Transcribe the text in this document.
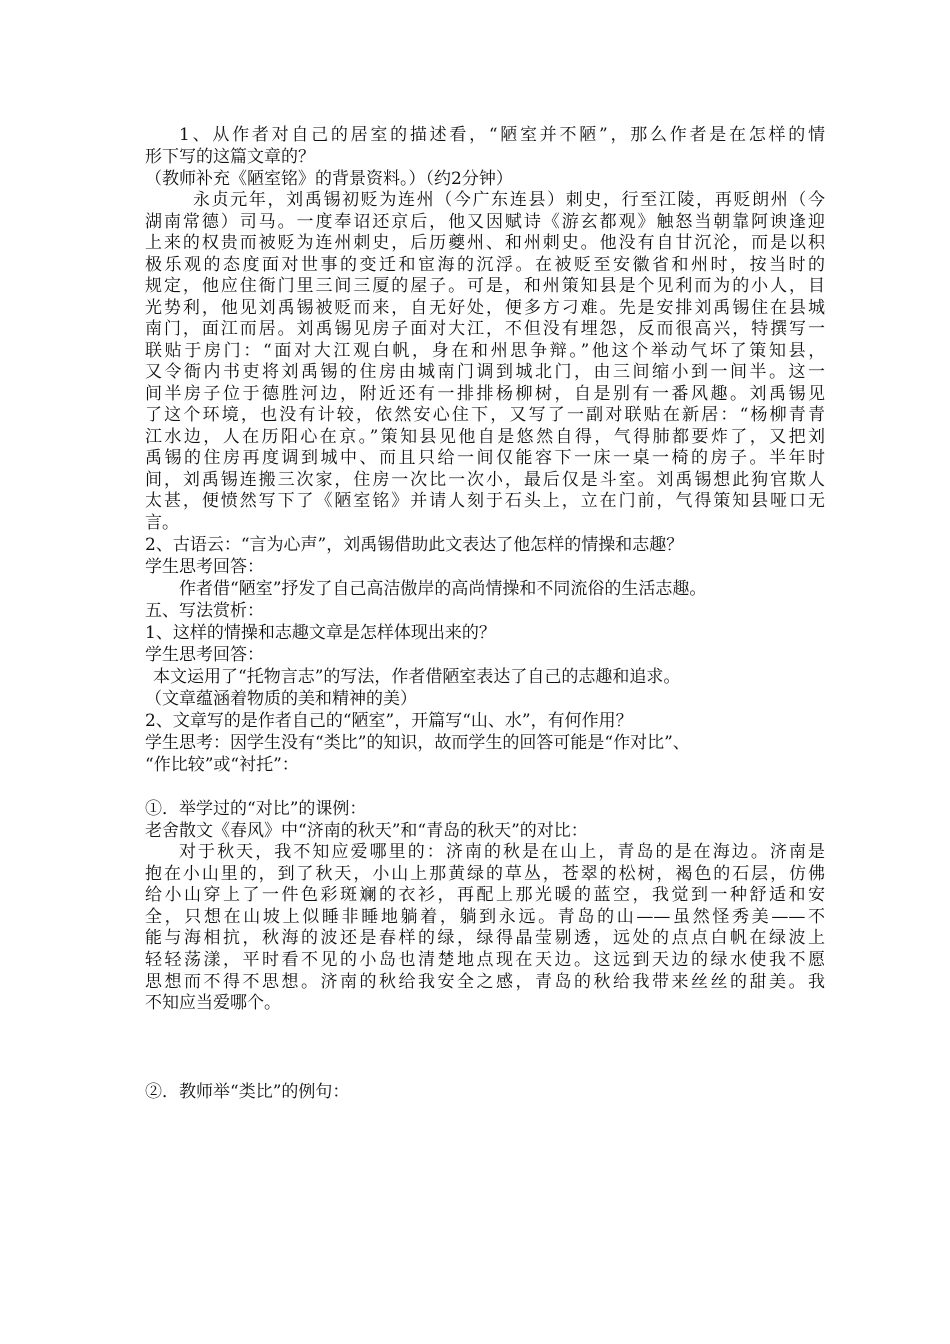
1、从作者对自己的居室的描述看，“陋室并不陋”，那么作者是在怎样的情

形下写的这篇文章的？

（教师补充《陋室铭》的背景资料。）（约2分钟）

永贞元年，刘禹锡初贬为连州（今广东连县）刺史，行至江陵，再贬朗州（今

湖南常德）司马。一度奉诏还京后，他又因赋诗《游玄都观》触怒当朝靠阿谀逢迎

上来的权贵而被贬为连州刺史，后历夔州、和州刺史。他没有自甘沉沦，而是以积

极乐观的态度面对世事的变迁和宦海的沉浮。在被贬至安徽省和州时，按当时的

规定，他应住衙门里三间三厦的屋子。可是，和州策知县是个见利而为的小人，目

光势利，他见刘禹锡被贬而来，自无好处，便多方刁难。先是安排刘禹锡住在县城

南门，面江而居。刘禹锡见房子面对大江，不但没有埋怨，反而很高兴，特撰写一

联贴于房门：“面对大江观白帆，身在和州思争辩。”他这个举动气坏了策知县，

又令衙内书吏将刘禹锡的住房由城南门调到城北门，由三间缩小到一间半。这一

间半房子位于德胜河边，附近还有一排排杨柳树，自是别有一番风趣。刘禹锡见

了这个环境，也没有计较，依然安心住下，又写了一副对联贴在新居：“杨柳青青

江水边，人在历阳心在京。”策知县见他自是悠然自得，气得肺都要炸了，又把刘

禹锡的住房再度调到城中、而且只给一间仅能容下一床一桌一椅的房子。半年时

间，刘禹锡连搬三次家，住房一次比一次小，最后仅是斗室。刘禹锡想此狗官欺人

太甚，便愤然写下了《陋室铭》并请人刻于石头上，立在门前，气得策知县哑口无

言。

2、古语云：“言为心声”，刘禹锡借助此文表达了他怎样的情操和志趣？

学生思考回答：

作者借“陋室”抒发了自己高洁傲岸的高尚情操和不同流俗的生活志趣。

五、写法赏析：

1、这样的情操和志趣文章是怎样体现出来的？

学生思考回答：

本文运用了“托物言志”的写法，作者借陋室表达了自己的志趣和追求。

（文章蕴涵着物质的美和精神的美）

2、文章写的是作者自己的“陋室”，开篇写“山、水”，有何作用？

学生思考：因学生没有“类比”的知识，故而学生的回答可能是“作对比”、

“作比较”或“衬托”：

①．举学过的“对比”的课例：

老舍散文《春风》中“济南的秋天”和“青岛的秋天”的对比：

对于秋天，我不知应爱哪里的：济南的秋是在山上，青岛的是在海边。济南是

抱在小山里的，到了秋天，小山上那黄绿的草丛，苍翠的松树，褐色的石层，仿佛

给小山穿上了一件色彩斑斓的衣衫，再配上那光暖的蓝空，我觉到一种舒适和安

全，只想在山坡上似睡非睡地躺着，躺到永远。青岛的山——虽然怪秀美——不

能与海相抗，秋海的波还是春样的绿，绿得晶莹剔透，远处的点点白帆在绿波上

轻轻荡漾，平时看不见的小岛也清楚地点现在天边。这远到天边的绿水使我不愿

思想而不得不思想。济南的秋给我安全之感，青岛的秋给我带来丝丝的甜美。我

不知应当爱哪个。

②．教师举“类比”的例句：
